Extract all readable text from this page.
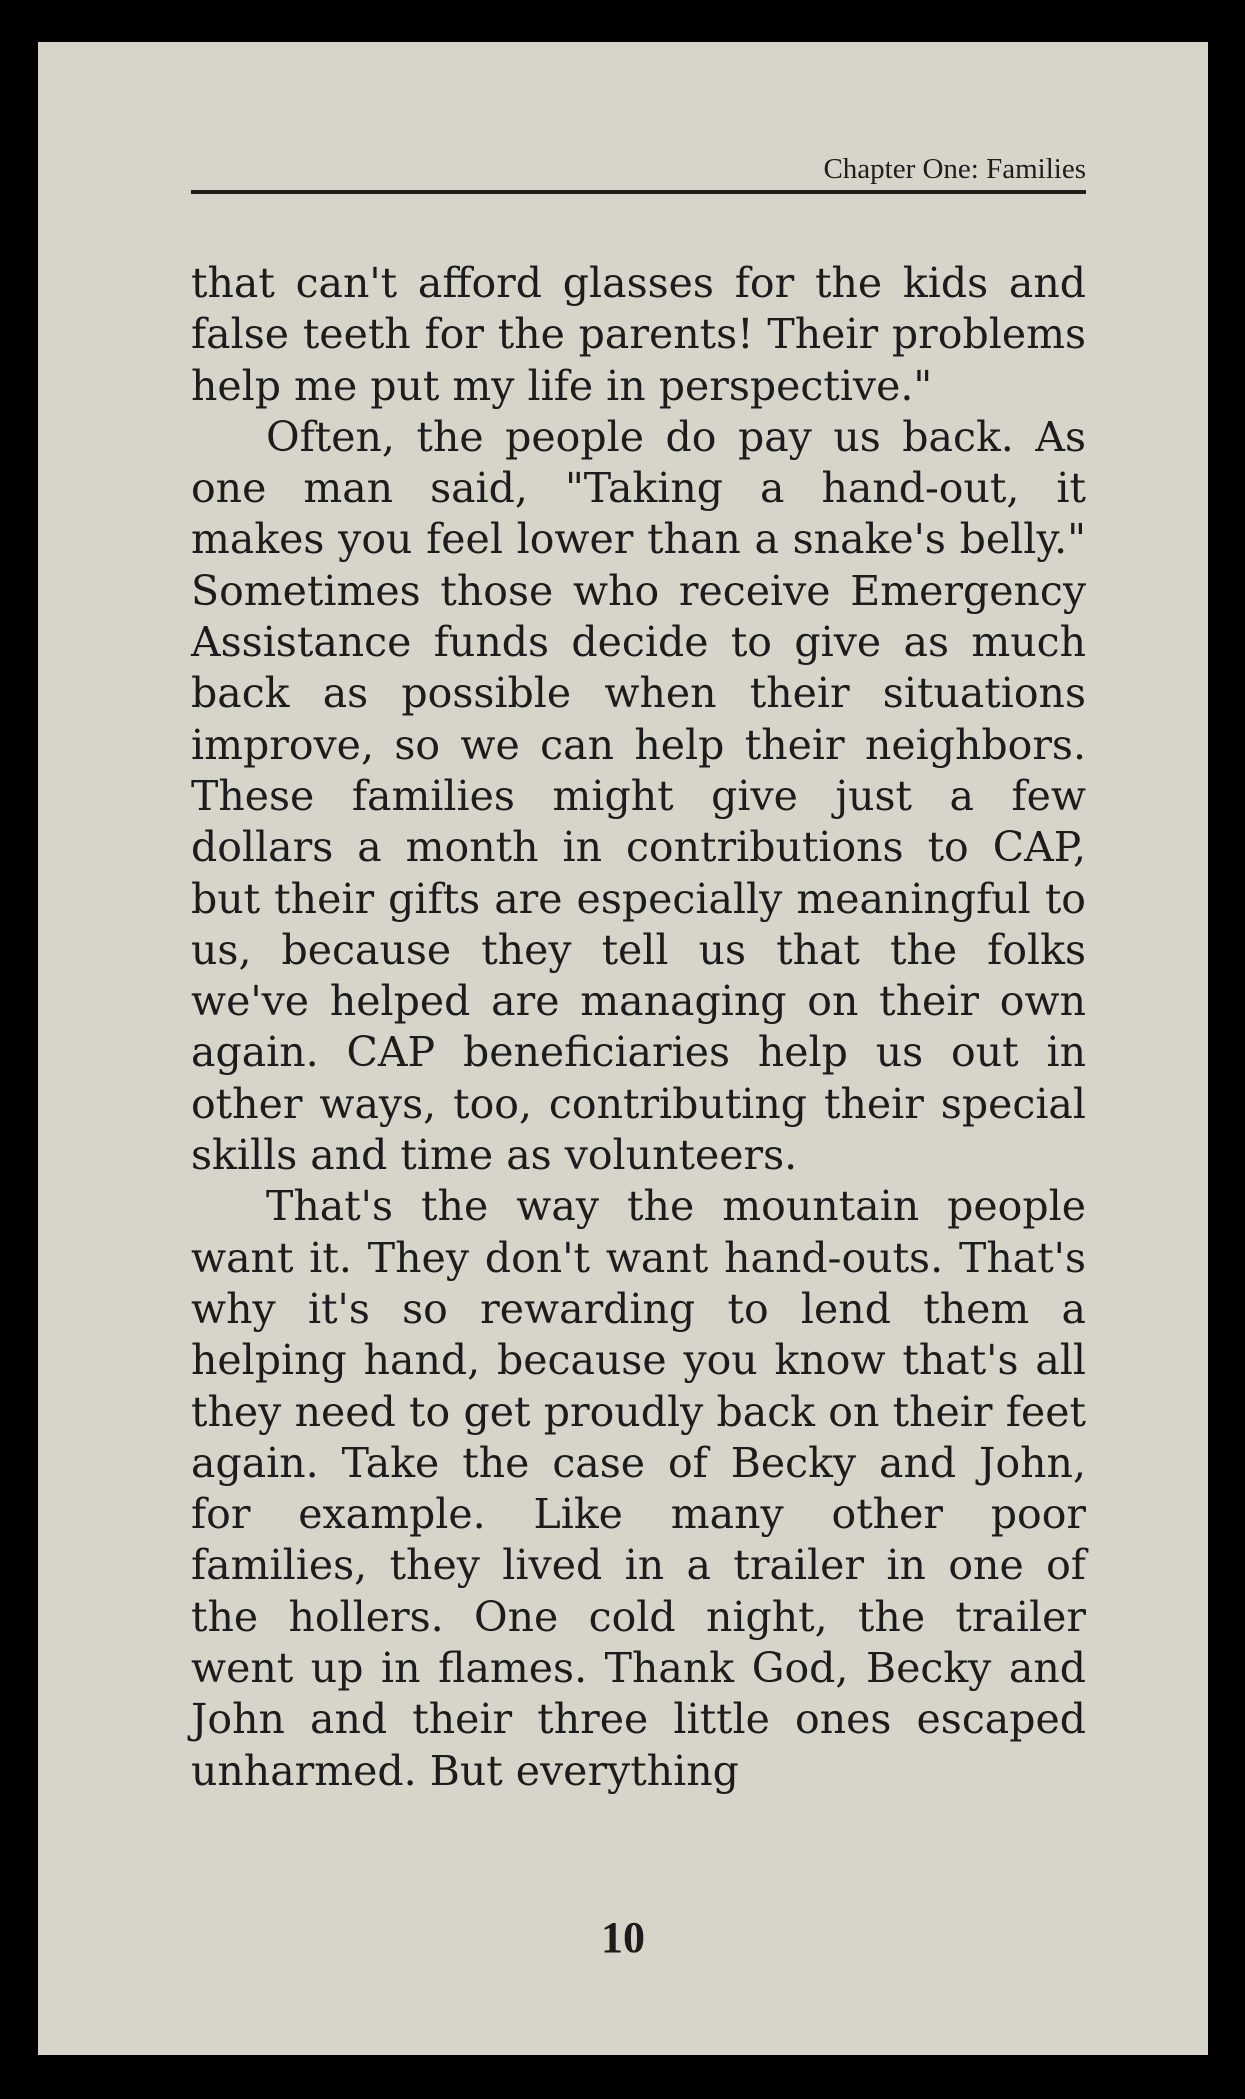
Chapter One: Families

that can't afford glasses for the kids and false teeth for the parents! Their problems help me put my life in perspective."

Often, the people do pay us back. As one man said, "Taking a hand-out, it makes you feel lower than a snake's belly." Sometimes those who receive Emergency Assistance funds decide to give as much back as possible when their situations improve, so we can help their neighbors. These families might give just a few dollars a month in contributions to CAP, but their gifts are especially meaningful to us, because they tell us that the folks we've helped are managing on their own again. CAP beneficiaries help us out in other ways, too, contributing their special skills and time as volunteers.

That's the way the mountain people want it. They don't want hand-outs. That's why it's so rewarding to lend them a helping hand, because you know that's all they need to get proudly back on their feet again. Take the case of Becky and John, for example. Like many other poor families, they lived in a trailer in one of the hollers. One cold night, the trailer went up in flames. Thank God, Becky and John and their three little ones escaped unharmed. But everything

10
